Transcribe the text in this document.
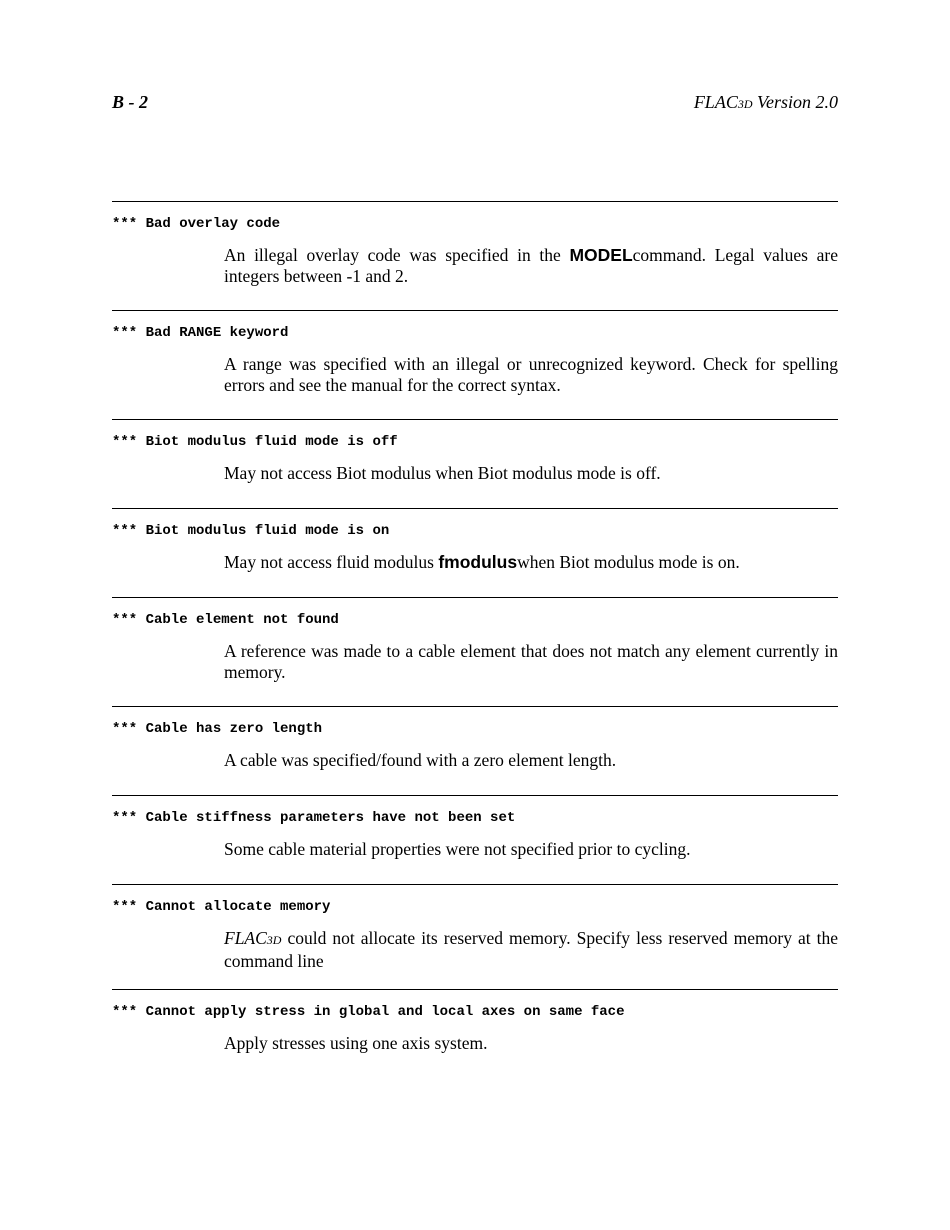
B - 2	FLAC3D Version 2.0
*** Bad overlay code
An illegal overlay code was specified in the MODELcommand. Legal values are integers between -1 and 2.
*** Bad RANGE keyword
A range was specified with an illegal or unrecognized keyword. Check for spelling errors and see the manual for the correct syntax.
*** Biot modulus fluid mode is off
May not access Biot modulus when Biot modulus mode is off.
*** Biot modulus fluid mode is on
May not access fluid modulus fmoduluswhen Biot modulus mode is on.
*** Cable element not found
A reference was made to a cable element that does not match any element currently in memory.
*** Cable has zero length
A cable was specified/found with a zero element length.
*** Cable stiffness parameters have not been set
Some cable material properties were not specified prior to cycling.
*** Cannot allocate memory
FLAC3D could not allocate its reserved memory. Specify less reserved memory at the command line
*** Cannot apply stress in global and local axes on same face
Apply stresses using one axis system.
